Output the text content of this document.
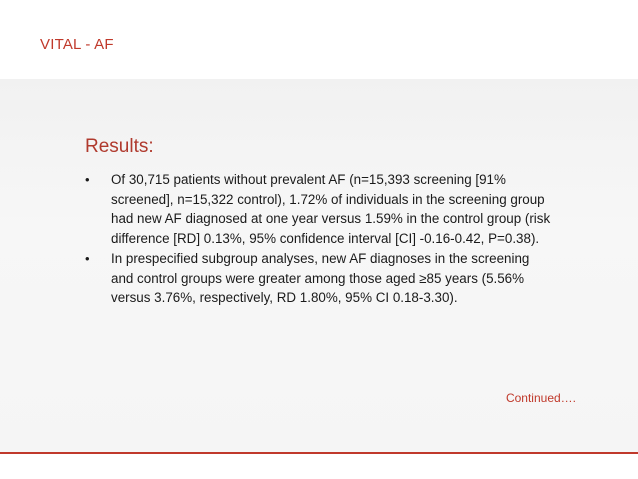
VITAL - AF
Results:
• Of 30,715 patients without prevalent AF (n=15,393 screening [91% screened], n=15,322 control), 1.72% of individuals in the screening group had new AF diagnosed at one year versus 1.59% in the control group (risk difference [RD] 0.13%, 95% confidence interval [CI] -0.16-0.42, P=0.38).
• In prespecified subgroup analyses, new AF diagnoses in the screening and control groups were greater among those aged ≥85 years (5.56% versus 3.76%, respectively, RD 1.80%, 95% CI 0.18-3.30).
Continued….
